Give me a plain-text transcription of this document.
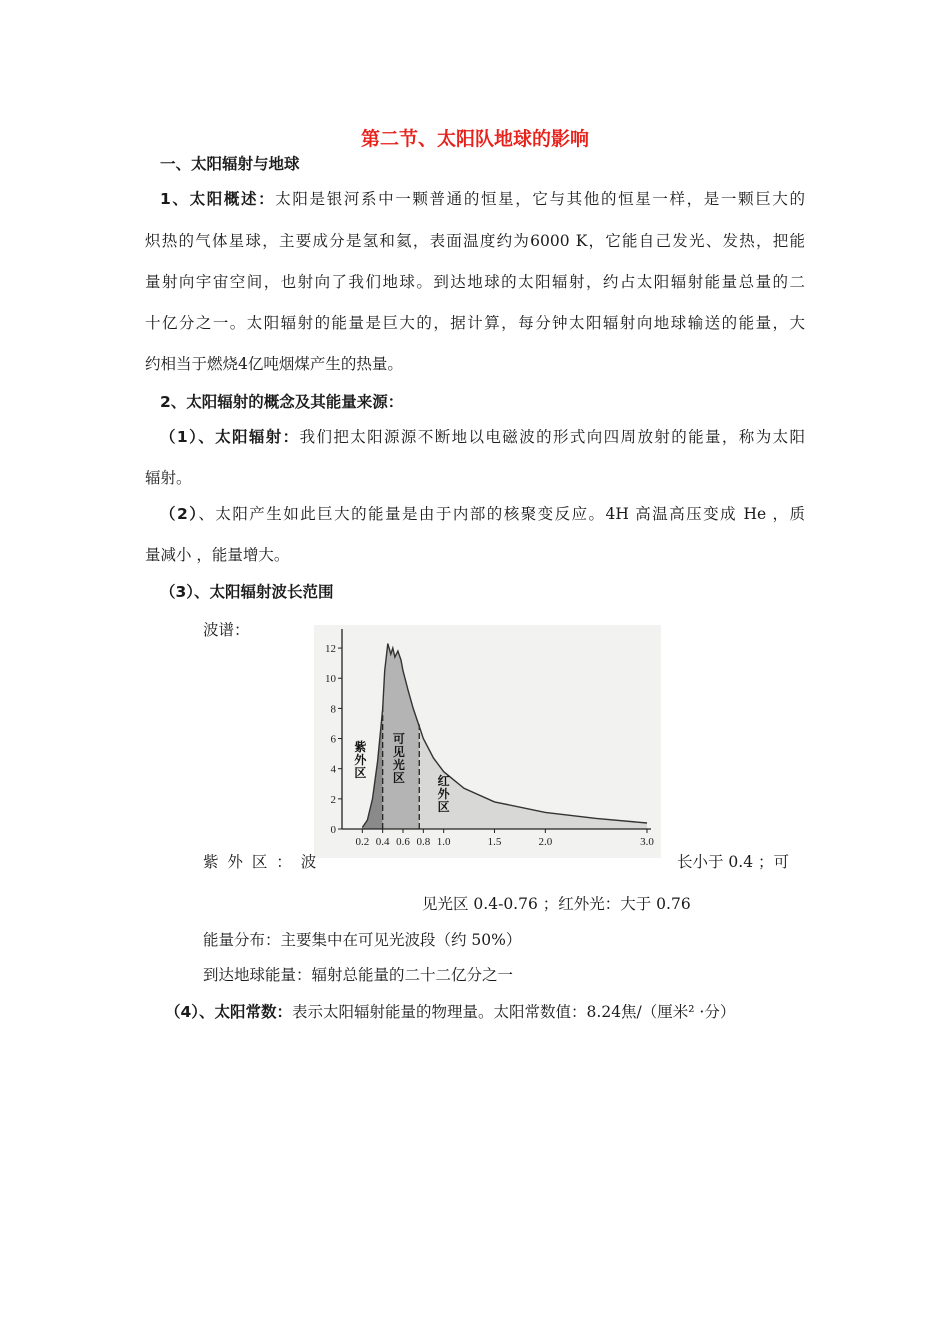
第二节、太阳队地球的影响
一、太阳辐射与地球
1、太阳概述：太阳是银河系中一颗普通的恒星，它与其他的恒星一样，是一颗巨大的
炽热的气体星球，主要成分是氢和氦，表面温度约为6000 K，它能自己发光、发热，把能
量射向宇宙空间，也射向了我们地球。到达地球的太阳辐射，约占太阳辐射能量总量的二
十亿分之一。太阳辐射的能量是巨大的，据计算，每分钟太阳辐射向地球输送的能量，大
约相当于燃烧4亿吨烟煤产生的热量。
2、太阳辐射的概念及其能量来源：
（1）、太阳辐射：我们把太阳源源不断地以电磁波的形式向四周放射的能量，称为太阳
辐射。
（2）、太阳产生如此巨大的能量是由于内部的核聚变反应。4H 高温高压变成 He ，质
量减小 ，能量增大。
（3）、太阳辐射波长范围
波谱：
0
2
4
6
8
10
12
0.2 0.4 0.6 0.8 1.0	1.5	2.0	3.0
紫
外
区
可
见
光
区	红
外
区
紫 外 区 ： 波	长小于 0.4 ；可
见光区 0.4-0.76 ；红外光：大于 0.76
能量分布：主要集中在可见光波段（约 50%）
到达地球能量：辐射总能量的二十二亿分之一
（4）、太阳常数：表示太阳辐射能量的物理量。太阳常数值：8.24焦/（厘米² ·分）
